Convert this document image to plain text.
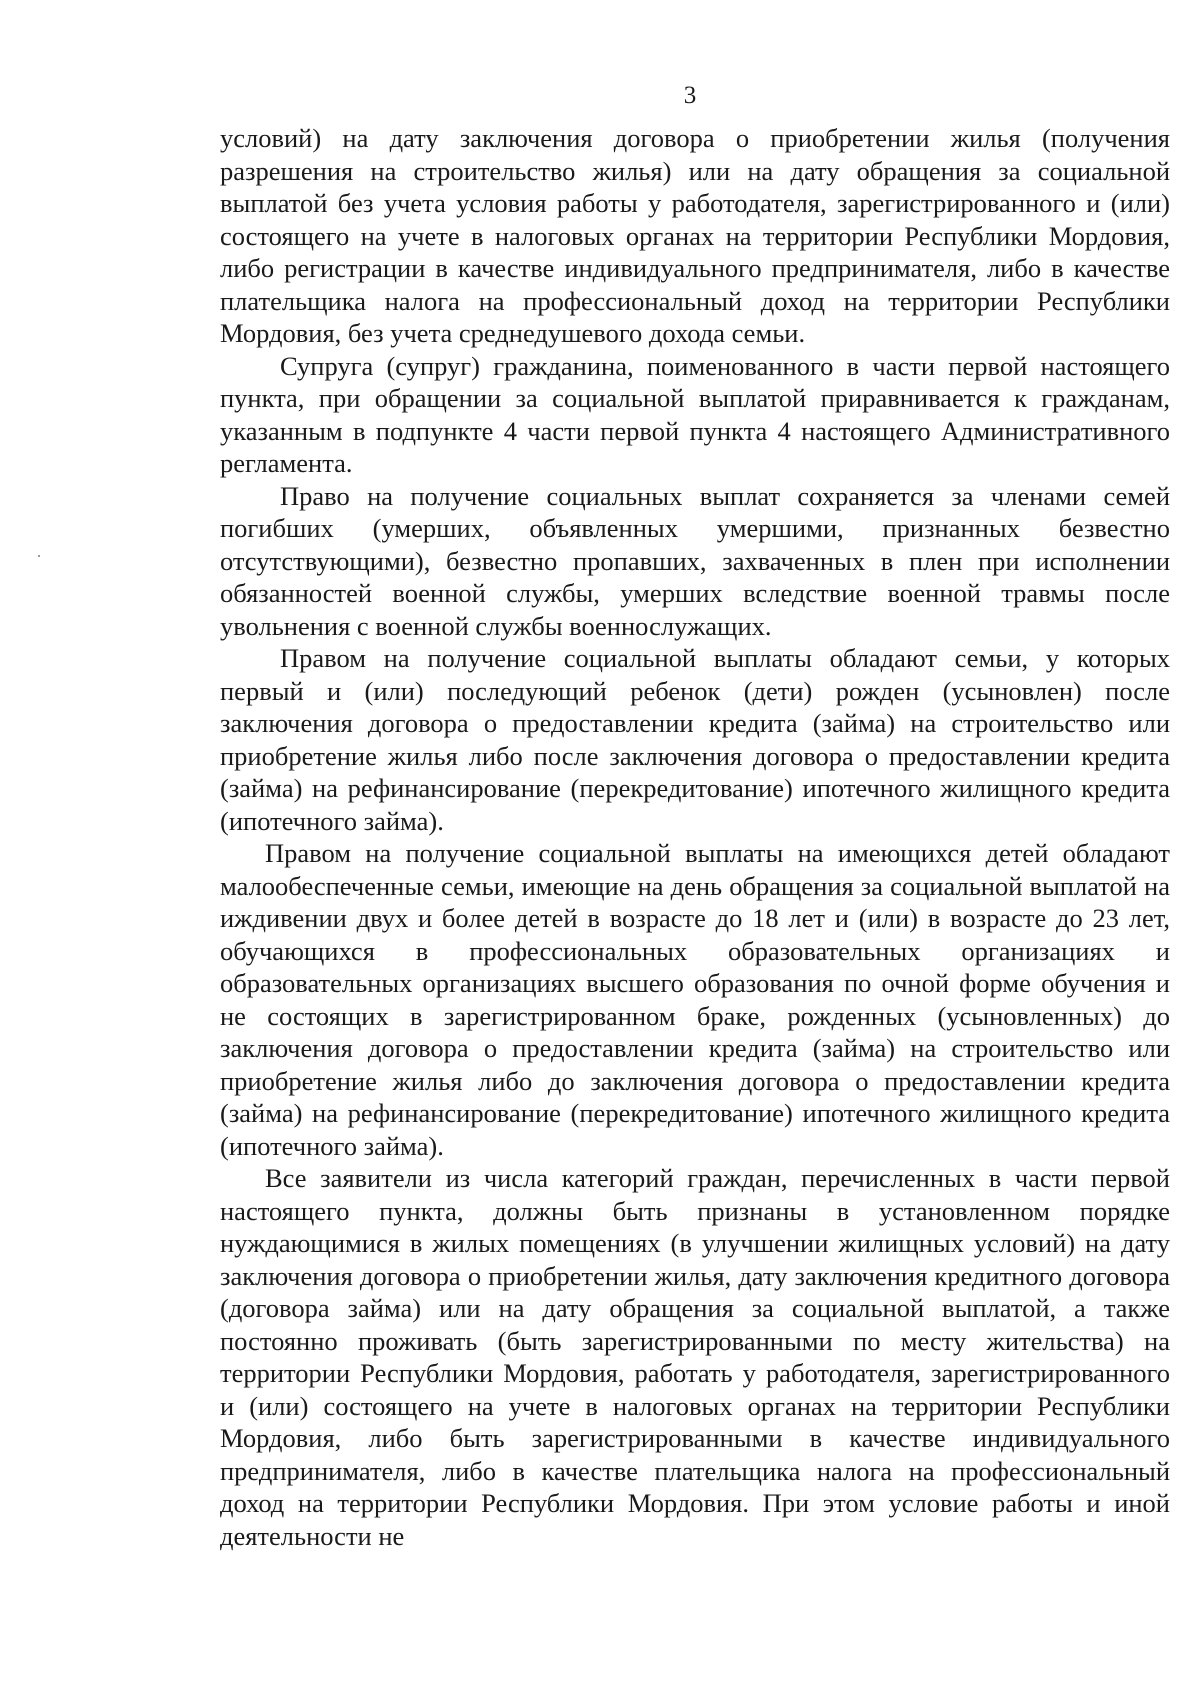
3

условий) на дату заключения договора о приобретении жилья (получения разрешения на строительство жилья) или на дату обращения за социальной выплатой без учета условия работы у работодателя, зарегистрированного и (или) состоящего на учете в налоговых органах на территории Республики Мордовия, либо регистрации в качестве индивидуального предпринимателя, либо в качестве плательщика налога на профессиональный доход на территории Республики Мордовия, без учета среднедушевого дохода семьи.

Супруга (супруг) гражданина, поименованного в части первой настоящего пункта, при обращении за социальной выплатой приравнивается к гражданам, указанным в подпункте 4 части первой пункта 4 настоящего Административного регламента.

Право на получение социальных выплат сохраняется за членами семей погибших (умерших, объявленных умершими, признанных безвестно отсутствующими), безвестно пропавших, захваченных в плен при исполнении обязанностей военной службы, умерших вследствие военной травмы после увольнения с военной службы военнослужащих.

Правом на получение социальной выплаты обладают семьи, у которых первый и (или) последующий ребенок (дети) рожден (усыновлен) после заключения договора о предоставлении кредита (займа) на строительство или приобретение жилья либо после заключения договора о предоставлении кредита (займа) на рефинансирование (перекредитование) ипотечного жилищного кредита (ипотечного займа).

Правом на получение социальной выплаты на имеющихся детей обладают малообеспеченные семьи, имеющие на день обращения за социальной выплатой на иждивении двух и более детей в возрасте до 18 лет и (или) в возрасте до 23 лет, обучающихся в профессиональных образовательных организациях и образовательных организациях высшего образования по очной форме обучения и не состоящих в зарегистрированном браке, рожденных (усыновленных) до заключения договора о предоставлении кредита (займа) на строительство или приобретение жилья либо до заключения договора о предоставлении кредита (займа) на рефинансирование (перекредитование) ипотечного жилищного кредита (ипотечного займа).

Все заявители из числа категорий граждан, перечисленных в части первой настоящего пункта, должны быть признаны в установленном порядке нуждающимися в жилых помещениях (в улучшении жилищных условий) на дату заключения договора о приобретении жилья, дату заключения кредитного договора (договора займа) или на дату обращения за социальной выплатой, а также постоянно проживать (быть зарегистрированными по месту жительства) на территории Республики Мордовия, работать у работодателя, зарегистрированного и (или) состоящего на учете в налоговых органах на территории Республики Мордовия, либо быть зарегистрированными в качестве индивидуального предпринимателя, либо в качестве плательщика налога на профессиональный доход на территории Республики Мордовия. При этом условие работы и иной деятельности не
